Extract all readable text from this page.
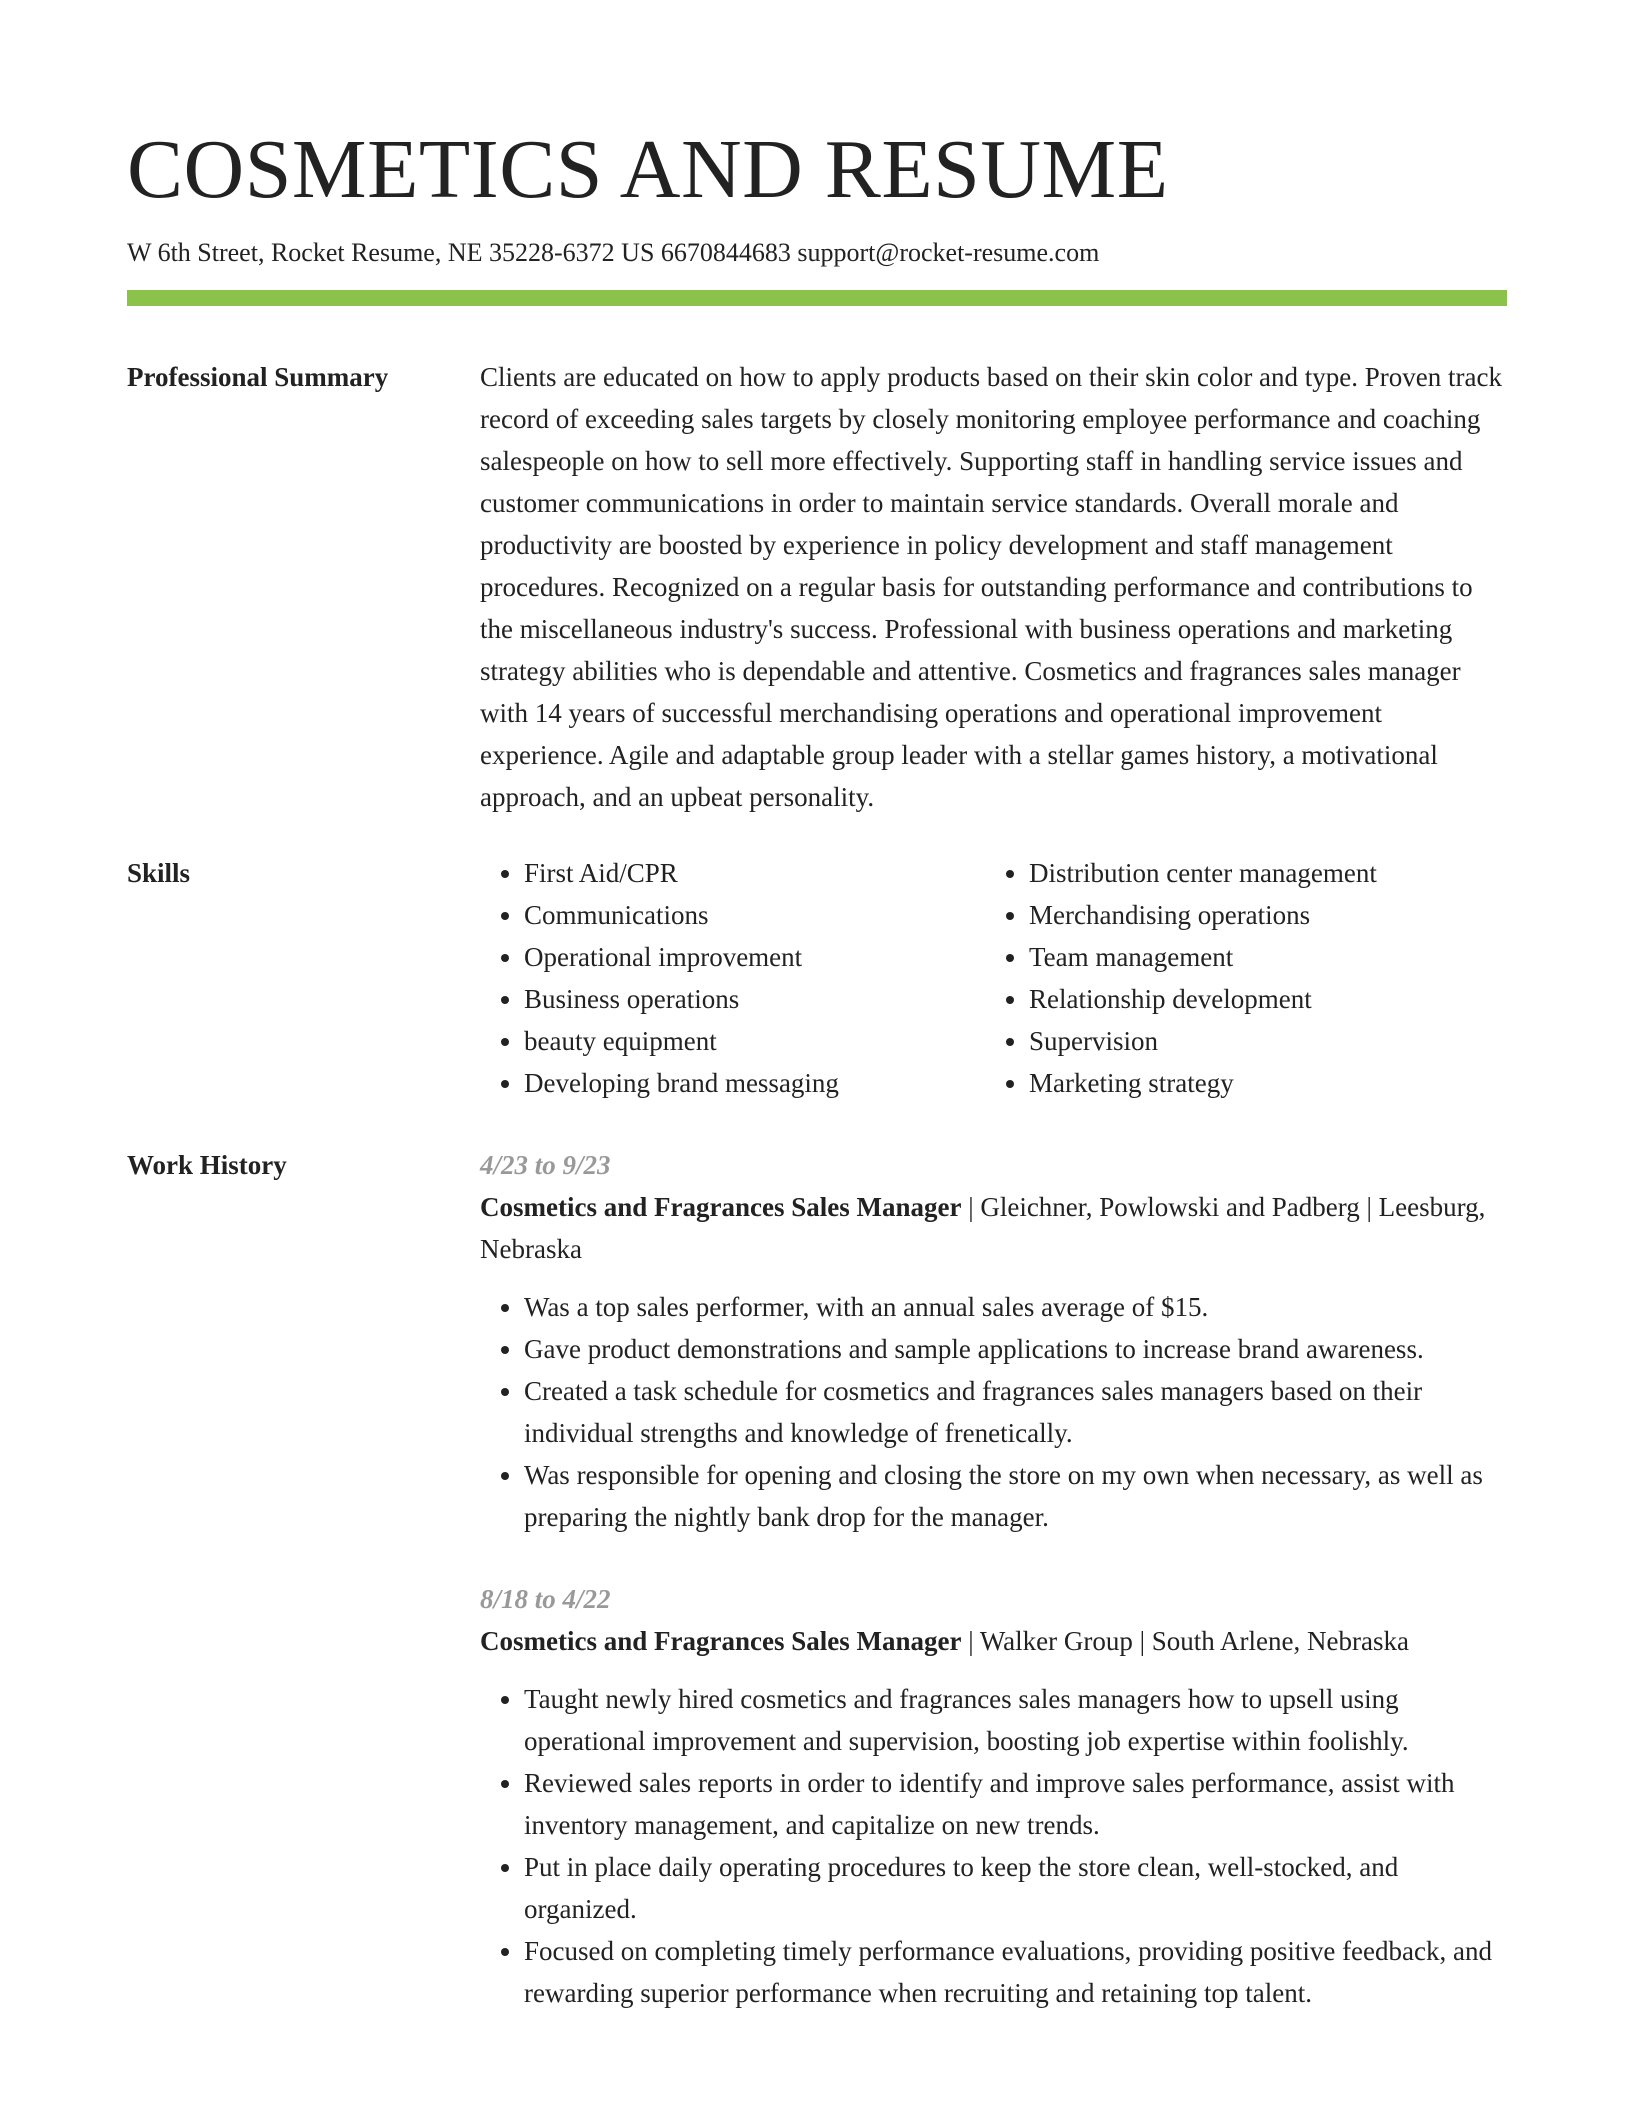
COSMETICS AND RESUME
W 6th Street, Rocket Resume, NE 35228-6372 US 6670844683 support@rocket-resume.com
Professional Summary	Clients are educated on how to apply products based on their skin color and type. Proven track record of exceeding sales targets by closely monitoring employee performance and coaching salespeople on how to sell more effectively. Supporting staff in handling service issues and customer communications in order to maintain service standards. Overall morale and productivity are boosted by experience in policy development and staff management procedures. Recognized on a regular basis for outstanding performance and contributions to the miscellaneous industry's success. Professional with business operations and marketing strategy abilities who is dependable and attentive. Cosmetics and fragrances sales manager with 14 years of successful merchandising operations and operational improvement experience. Agile and adaptable group leader with a stellar games history, a motivational approach, and an upbeat personality.

Skills
•	First Aid/CPR
• Communications
• Operational improvement
• Business operations
• beauty equipment
• Developing brand messaging
• Distribution center management
• Merchandising operations
• Team management
• Relationship development
• Supervision
• Marketing strategy
Work History	4/23 to 9/23

Cosmetics and Fragrances Sales Manager | Gleichner, Powlowski and Padberg | Leesburg, Nebraska

• Was a top sales performer, with an annual sales average of $15.
• Gave product demonstrations and sample applications to increase brand awareness.
• Created a task schedule for cosmetics and fragrances sales managers based on their individual strengths and knowledge of frenetically.
• Was responsible for opening and closing the store on my own when necessary, as well as preparing the nightly bank drop for the manager.
8/18 to 4/22

Cosmetics and Fragrances Sales Manager | Walker Group | South Arlene, Nebraska

• Taught newly hired cosmetics and fragrances sales managers how to upsell using operational improvement and supervision, boosting job expertise within foolishly.
• Reviewed sales reports in order to identify and improve sales performance, assist with inventory management, and capitalize on new trends.
• Put in place daily operating procedures to keep the store clean, well-stocked, and organized.
• Focused on completing timely performance evaluations, providing positive feedback, and rewarding superior performance when recruiting and retaining top talent.
